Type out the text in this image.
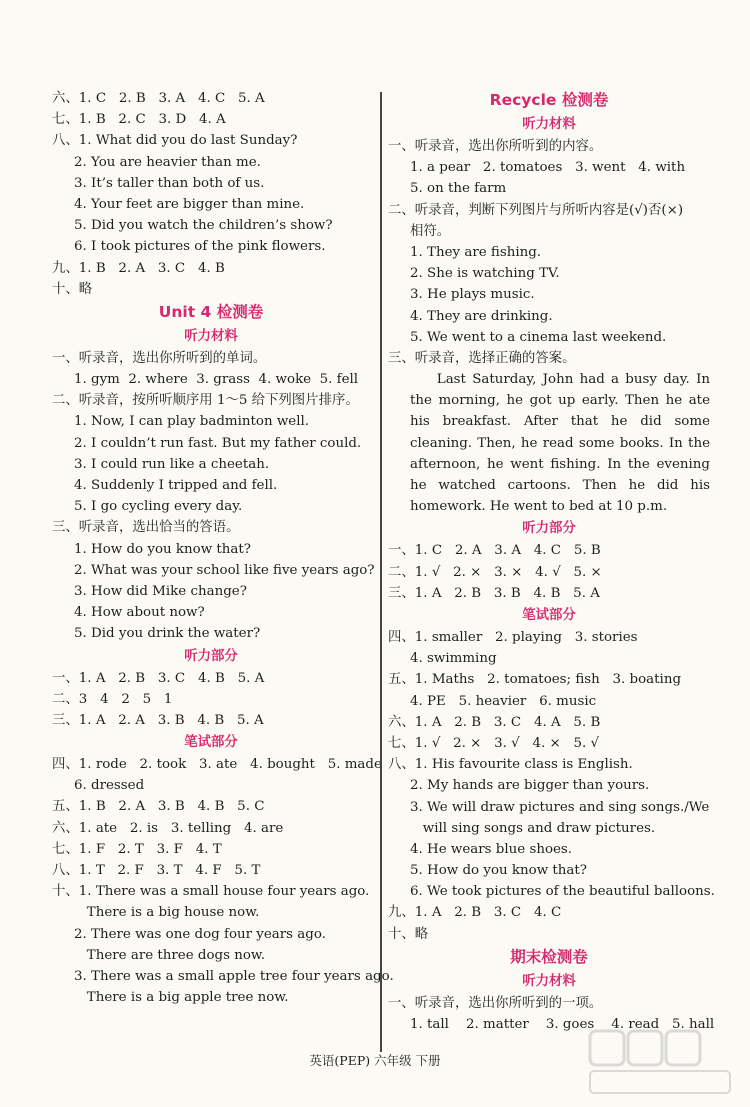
六、1. C   2. B   3. A   4. C   5. A
七、1. B   2. C   3. D   4. A
八、1. What did you do last Sunday?
2. You are heavier than me.
3. It’s taller than both of us.
4. Your feet are bigger than mine.
5. Did you watch the children’s show?
6. I took pictures of the pink flowers.
九、1. B   2. A   3. C   4. B
十、略
Unit 4 检测卷
听力材料
一、听录音，选出你所听到的单词。
1. gym  2. where  3. grass  4. woke  5. fell
二、听录音，按所听顺序用 1～5 给下列图片排序。
1. Now, I can play badminton well.
2. I couldn’t run fast. But my father could.
3. I could run like a cheetah.
4. Suddenly I tripped and fell.
5. I go cycling every day.
三、听录音，选出恰当的答语。
1. How do you know that?
2. What was your school like five years ago?
3. How did Mike change?
4. How about now?
5. Did you drink the water?
听力部分
一、1. A   2. B   3. C   4. B   5. A
二、3   4   2   5   1
三、1. A   2. A   3. B   4. B   5. A
笔试部分
四、1. rode   2. took   3. ate   4. bought   5. made
6. dressed
五、1. B   2. A   3. B   4. B   5. C
六、1. ate   2. is   3. telling   4. are
七、1. F   2. T   3. F   4. T
八、1. T   2. F   3. T   4. F   5. T
十、1. There was a small house four years ago.
There is a big house now.
2. There was one dog four years ago.
There are three dogs now.
3. There was a small apple tree four years ago.
There is a big apple tree now.
Recycle 检测卷
听力材料
一、听录音，选出你所听到的内容。
1. a pear   2. tomatoes   3. went   4. with
5. on the farm
二、听录音，判断下列图片与所听内容是(√)否(×)
相符。
1. They are fishing.
2. She is watching TV.
3. He plays music.
4. They are drinking.
5. We went to a cinema last weekend.
三、听录音，选择正确的答案。

Last Saturday, John had a busy day. In the morning, he got up early. Then he ate his breakfast. After that he did some cleaning. Then, he read some books. In the afternoon, he went fishing. In the evening he watched cartoons. Then he did his homework. He went to bed at 10 p.m.

听力部分
一、1. C   2. A   3. A   4. C   5. B
二、1. √   2. ×   3. ×   4. √   5. ×
三、1. A   2. B   3. B   4. B   5. A
笔试部分
四、1. smaller   2. playing   3. stories
4. swimming
五、1. Maths   2. tomatoes; fish   3. boating
4. PE   5. heavier   6. music
六、1. A   2. B   3. C   4. A   5. B
七、1. √   2. ×   3. √   4. ×   5. √
八、1. His favourite class is English.
2. My hands are bigger than yours.
3. We will draw pictures and sing songs./We
will sing songs and draw pictures.
4. He wears blue shoes.
5. How do you know that?
6. We took pictures of the beautiful balloons.
九、1. A   2. B   3. C   4. C
十、略
期末检测卷
听力材料
一、听录音，选出你所听到的一项。
1. tall    2. matter    3. goes    4. read   5. hall
英语(PEP) 六年级 下册
